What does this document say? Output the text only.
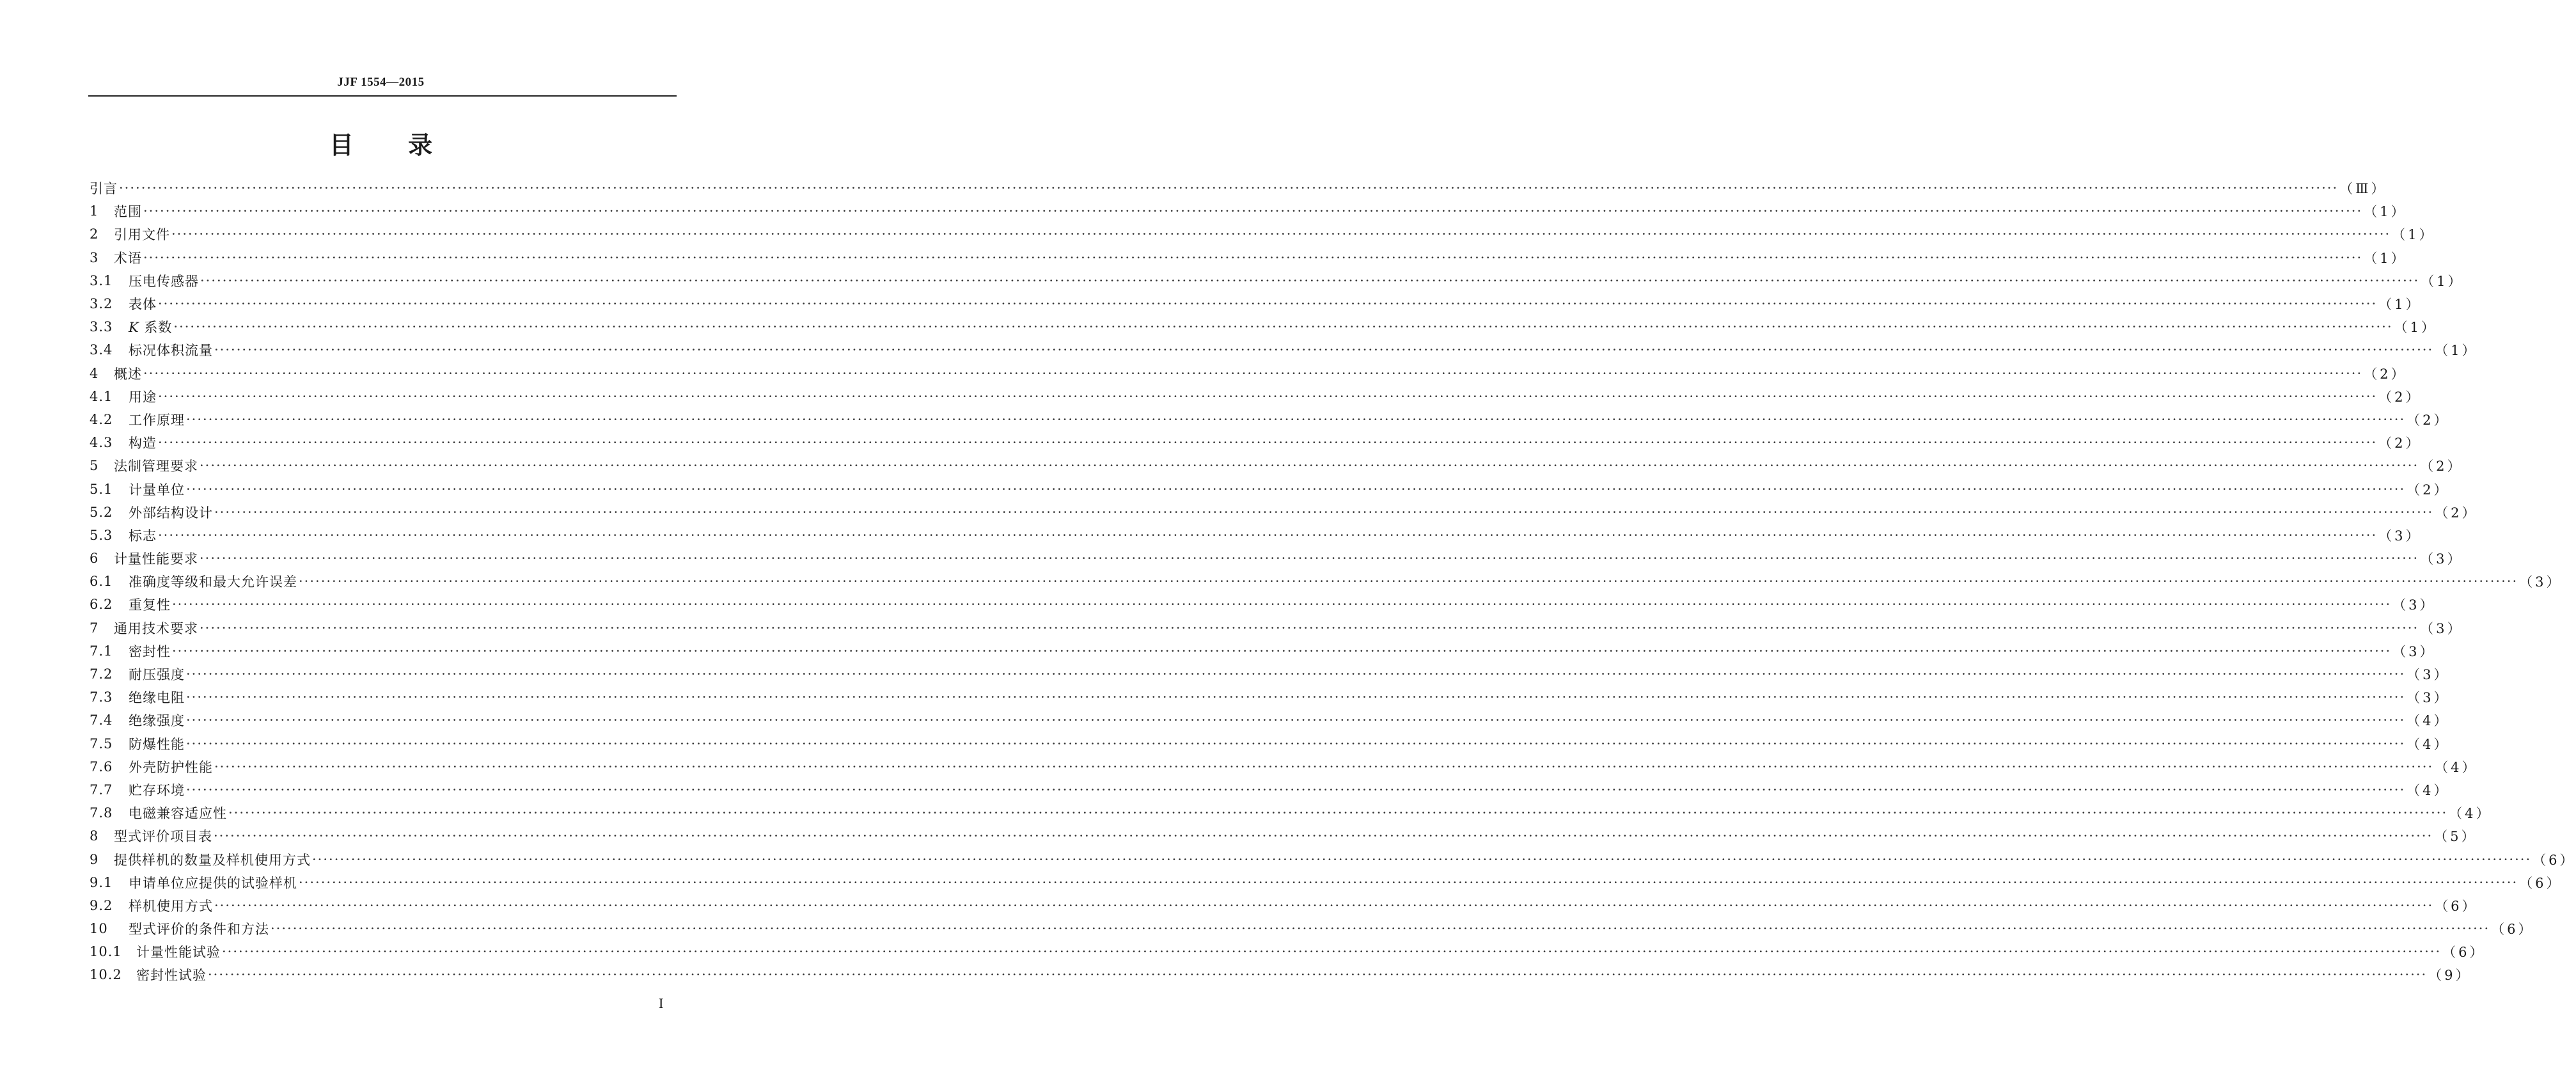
JJF 1554—2015
目 录
引言 ················································································································································································································································································································································································································ （Ⅲ）
1	范围 ················································································································································································································································································································································································································ （1）
2	引用文件 ················································································································································································································································································································································································································ （1）
3	术语 ················································································································································································································································································································································································································ （1）
3.1	压电传感器 ················································································································································································································································································································································································································ （1）
3.2	表体 ················································································································································································································································································································································································································ （1）
3.3	K 系数 ················································································································································································································································································································································································································ （1）
3.4	标况体积流量 ················································································································································································································································································································································································································ （1）
4	概述 ················································································································································································································································································································································································································ （2）
4.1	用途 ················································································································································································································································································································································································································ （2）
4.2	工作原理 ················································································································································································································································································································································································································ （2）
4.3	构造 ················································································································································································································································································································································································································ （2）
5	法制管理要求 ················································································································································································································································································································································································································ （2）
5.1	计量单位 ················································································································································································································································································································································································································ （2）
5.2	外部结构设计 ················································································································································································································································································································································································································ （2）
5.3	标志 ················································································································································································································································································································································································································ （3）
6	计量性能要求 ················································································································································································································································································································································································································ （3）
6.1	准确度等级和最大允许误差 ················································································································································································································································································································································································································ （3）
6.2	重复性 ················································································································································································································································································································································································································ （3）
7	通用技术要求 ················································································································································································································································································································································································································ （3）
7.1	密封性 ················································································································································································································································································································································································································ （3）
7.2	耐压强度 ················································································································································································································································································································································································································ （3）
7.3	绝缘电阻 ················································································································································································································································································································································································································ （3）
7.4	绝缘强度 ················································································································································································································································································································································································································ （4）
7.5	防爆性能 ················································································································································································································································································································································································································ （4）
7.6	外壳防护性能 ················································································································································································································································································································································································································ （4）
7.7	贮存环境 ················································································································································································································································································································································································································ （4）
7.8	电磁兼容适应性 ················································································································································································································································································································································································································ （4）
8	型式评价项目表 ················································································································································································································································································································································································································ （5）
9	提供样机的数量及样机使用方式 ················································································································································································································································································································································································································ （6）
9.1	申请单位应提供的试验样机 ················································································································································································································································································································································································································ （6）
9.2	样机使用方式 ················································································································································································································································································································································································································ （6）
10	型式评价的条件和方法 ················································································································································································································································································································································································································ （6）
10.1	计量性能试验 ················································································································································································································································································································································································································ （6）
10.2	密封性试验 ················································································································································································································································································································································································································ （9）
I
